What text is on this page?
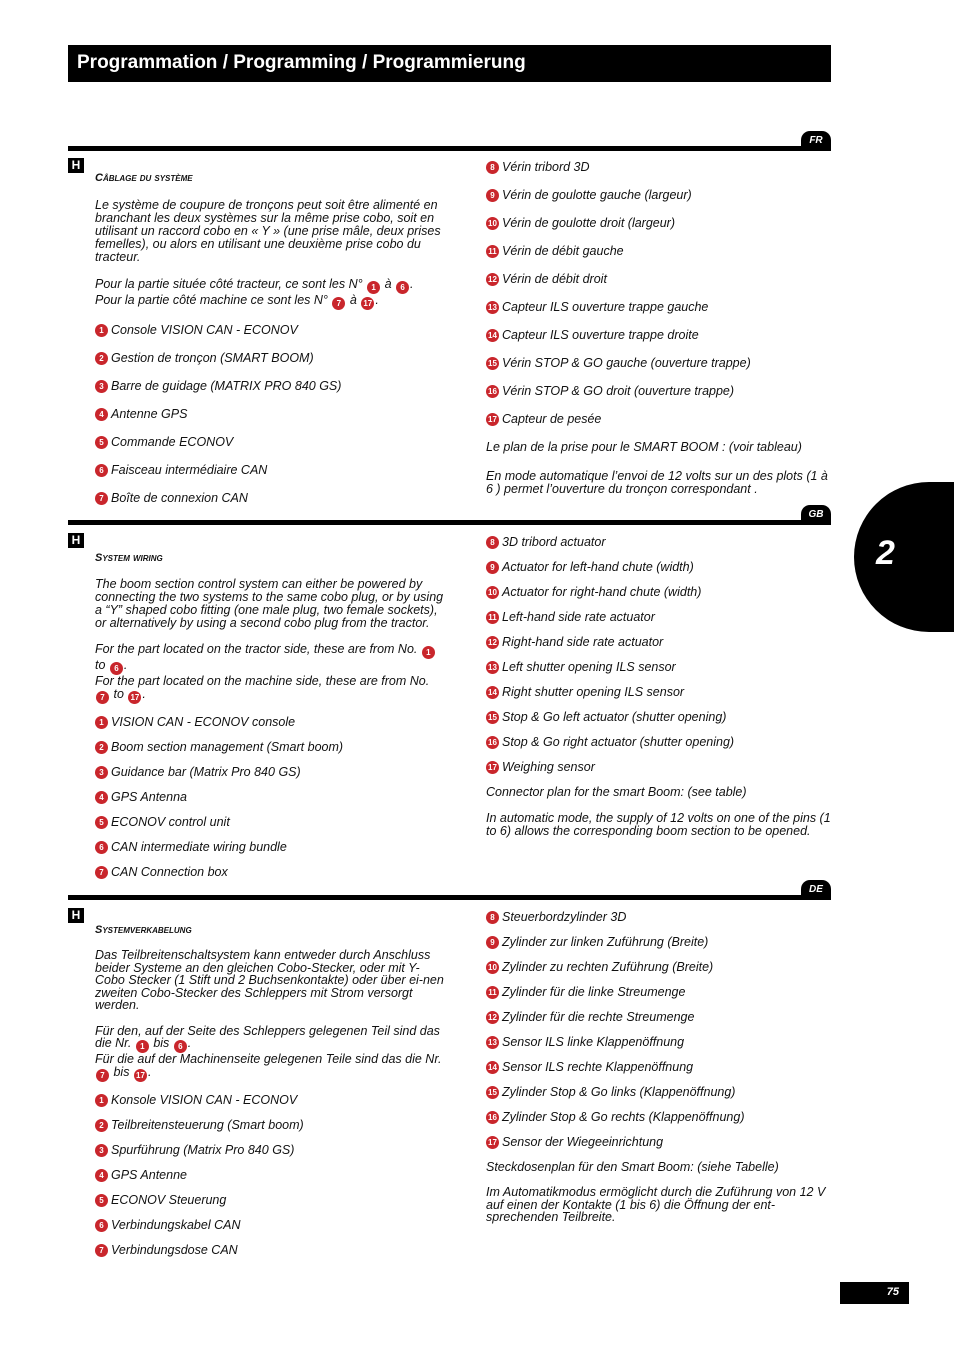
Programmation / Programming / Programmierung
FR
H
Câblage du système

Le système de coupure de tronçons peut soit être alimenté en branchant les deux systèmes sur la même prise cobo, soit en utilisant un raccord cobo en « Y » (une prise mâle, deux prises femelles), ou alors en utilisant une deuxième prise cobo du tracteur.

Pour la partie située côté tracteur, ce sont les N° 1 à 6 .
Pour la partie côté machine ce sont les N° 7 à 17 .
1 Console VISION CAN - ECONOV
2 Gestion de tronçon (SMART BOOM)
3 Barre de guidage (MATRIX PRO 840 GS)
4 Antenne GPS
5 Commande ECONOV
6 Faisceau intermédiaire CAN
7 Boîte de connexion CAN
8 Vérin tribord 3D
9 Vérin de goulotte gauche (largeur)
10 Vérin de goulotte droit (largeur)
11 Vérin de débit gauche
12 Vérin de débit droit
13 Capteur ILS ouverture trappe gauche
14 Capteur ILS ouverture trappe droite
15 Vérin STOP & GO gauche (ouverture trappe)
16 Vérin STOP & GO droit (ouverture trappe)
17 Capteur de pesée

Le plan de la prise pour le SMART BOOM : (voir tableau)

En mode automatique l’envoi de 12 volts sur un des plots (1 à 6 ) permet l’ouverture du tronçon correspondant .

GB
H
System wiring

The boom section control system can either be powered by connecting the two systems to the same cobo plug, or by using a “Y” shaped cobo fitting (one male plug, two female sockets), or alternatively by using a second cobo plug from the tractor.

For the part located on the tractor side, these are from No. 1 to 6 .
For the part located on the machine side, these are from No. 7 to 17 .
1 VISION CAN - ECONOV console
2 Boom section management (Smart boom)
3 Guidance bar (Matrix Pro 840 GS)
4 GPS Antenna
5 ECONOV control unit
6 CAN intermediate wiring bundle
7 CAN Connection box
8 3D tribord actuator
9 Actuator for left-hand chute (width)
10 Actuator for right-hand chute (width)
11 Left-hand side rate actuator
12 Right-hand side rate actuator
13 Left shutter opening ILS sensor
14 Right shutter opening ILS sensor
15 Stop & Go left actuator (shutter opening)
16 Stop & Go right actuator (shutter opening)
17 Weighing sensor

Connector plan for the smart Boom: (see table)

In automatic mode, the supply of 12 volts on one of the pins (1 to 6) allows the corresponding boom section to be opened.

DE
H
Systemverkabelung

Das Teilbreitenschaltsystem kann entweder durch Anschluss beider Systeme an den gleichen Cobo-Stecker, oder mit Y-Cobo Stecker (1 Stift und 2 Buchsenkontakte) oder über ei-nen zweiten Cobo-Stecker des Schleppers mit Strom versorgt werden.

Für den, auf der Seite des Schleppers gelegenen Teil sind das die Nr. 1 bis 6 .
Für die auf der Machinenseite gelegenen Teile sind das die Nr. 7 bis 17 .
1 Konsole VISION CAN - ECONOV
2 Teilbreitensteuerung (Smart boom)
3 Spurführung (Matrix Pro 840 GS)
4 GPS Antenne
5 ECONOV Steuerung
6 Verbindungskabel CAN
7 Verbindungsdose CAN
8 Steuerbordzylinder 3D
9 Zylinder zur linken Zuführung (Breite)
10 Zylinder zu rechten Zuführung (Breite)
11 Zylinder für die linke Streumenge
12 Zylinder für die rechte Streumenge
13 Sensor ILS linke Klappenöffnung
14 Sensor ILS rechte Klappenöffnung
15 Zylinder Stop & Go links (Klappenöffnung)
16 Zylinder Stop & Go rechts (Klappenöffnung)
17 Sensor der Wiegeeinrichtung

Steckdosenplan für den Smart Boom: (siehe Tabelle)

Im Automatikmodus ermöglicht durch die Zuführung von 12 V auf einen der Kontakte (1 bis 6) die Öffnung der ent-sprechenden Teilbreite.

2
75
